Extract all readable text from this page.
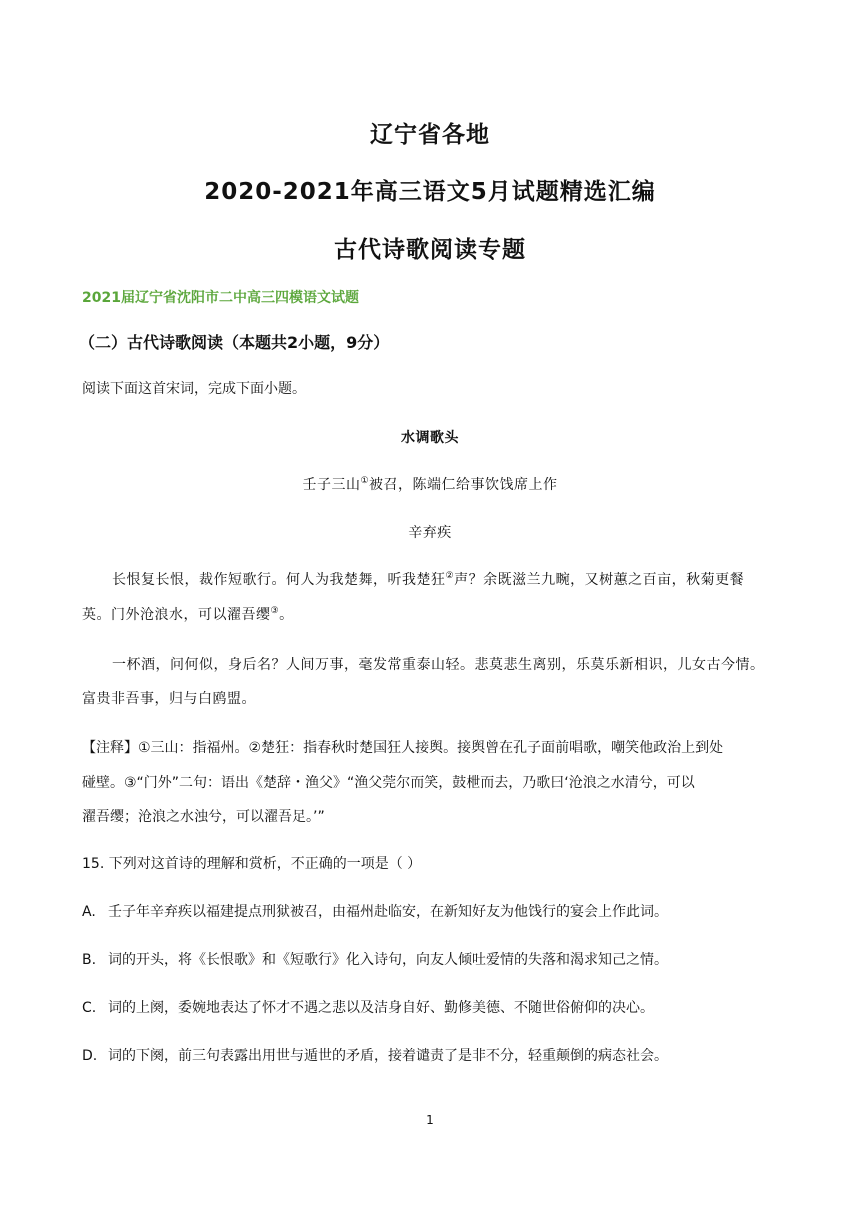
辽宁省各地
2020-2021年高三语文5月试题精选汇编
古代诗歌阅读专题
2021届辽宁省沈阳市二中高三四模语文试题
（二）古代诗歌阅读（本题共2小题，9分）
阅读下面这首宋词，完成下面小题。
水调歌头
壬子三山①被召，陈端仁给事饮饯席上作
辛弃疾
长恨复长恨，裁作短歌行。何人为我楚舞，听我楚狂②声？余既滋兰九畹，又树蕙之百亩，秋菊更餐
英。门外沧浪水，可以濯吾缨③。
一杯酒，问何似，身后名？人间万事，毫发常重泰山轻。悲莫悲生离别，乐莫乐新相识，儿女古今情。
富贵非吾事，归与白鸥盟。
【注释】①三山：指福州。②楚狂：指春秋时楚国狂人接舆。接舆曾在孔子面前唱歌，嘲笑他政治上到处
碰壁。③“门外”二句：语出《楚辞・渔父》“渔父莞尔而笑，鼓枻而去，乃歌曰‘沧浪之水清兮，可以
濯吾缨；沧浪之水浊兮，可以濯吾足。’”
15. 下列对这首诗的理解和赏析，不正确的一项是（ ）
A. 壬子年辛弃疾以福建提点刑狱被召，由福州赴临安，在新知好友为他饯行的宴会上作此词。
B. 词的开头，将《长恨歌》和《短歌行》化入诗句，向友人倾吐爱情的失落和渴求知己之情。
C. 词的上阕，委婉地表达了怀才不遇之悲以及洁身自好、勤修美德、不随世俗俯仰的决心。
D. 词的下阕，前三句表露出用世与遁世的矛盾，接着谴责了是非不分，轻重颠倒的病态社会。
1
